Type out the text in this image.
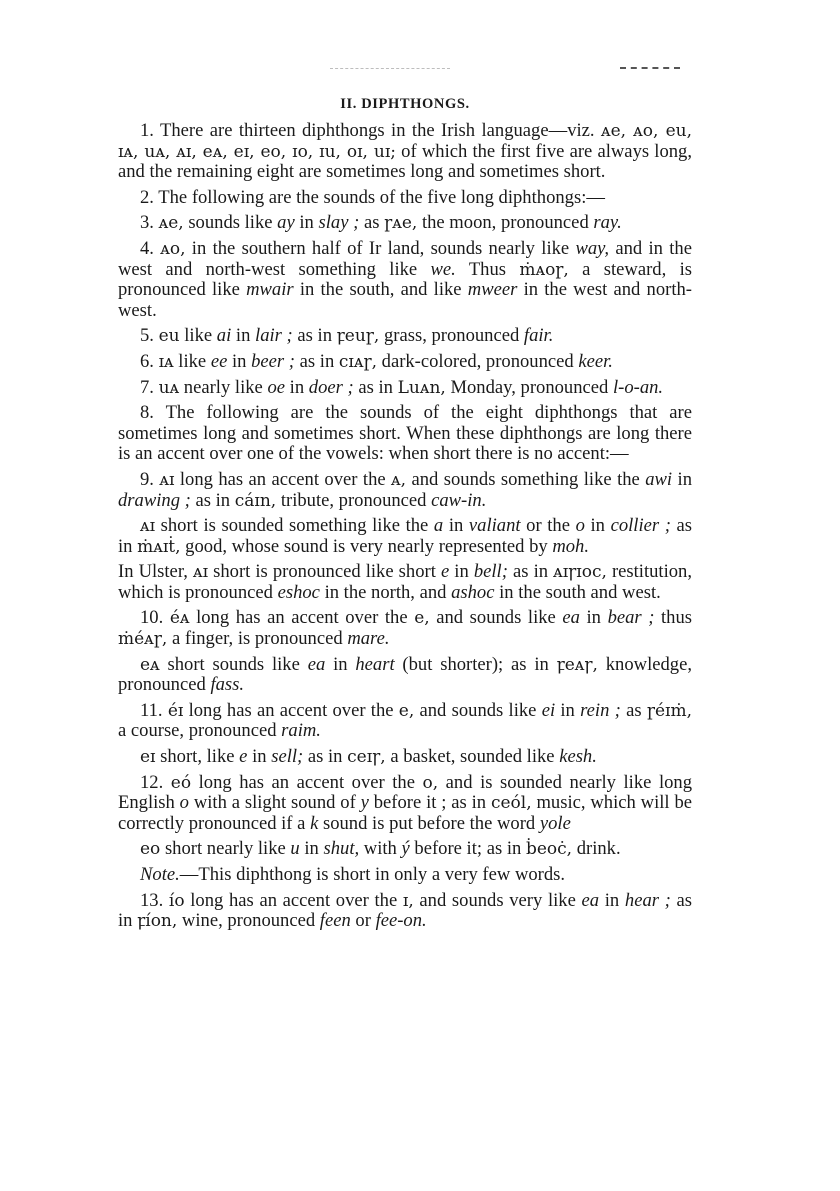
II. DIPHTHONGS.

1. There are thirteen diphthongs in the Irish language—viz. ᴀe, ᴀo, eu, ɪᴀ, uᴀ, ᴀɪ, eᴀ, eɪ, eo, ɪo, ɪu, oɪ, uɪ; of which the first five are always long, and the remaining eight are sometimes long and sometimes short.

2. The following are the sounds of the five long diphthongs:—

3. ᴀe, sounds like ay in slay ; as ɼᴀe, the moon, pronounced ray.

4. ᴀo, in the southern half of Ir land, sounds nearly like way, and in the west and north-west something like we. Thus ṁᴀoɼ, a steward, is pronounced like mwair in the south, and like mweer in the west and north-west.

5. eu like ai in lair ; as in ꝼeuɼ, grass, pronounced fair.

6. ɪᴀ like ee in beer ; as in cɪᴀɼ, dark-colored, pronounced keer.

7. uᴀ nearly like oe in doer ; as in Luᴀn, Monday, pronounced l-o-an.

8. The following are the sounds of the eight diphthongs that are sometimes long and sometimes short. When these diphthongs are long there is an accent over one of the vowels: when short there is no accent:—

9. ᴀɪ long has an accent over the ᴀ, and sounds something like the awi in drawing ; as in cáɪn, tribute, pronounced caw-in.

ᴀɪ short is sounded something like the a in valiant or the o in collier ; as in ṁᴀɪṫ, good, whose sound is very nearly represented by moh.

In Ulster, ᴀɪ short is pronounced like short e in bell; as in ᴀɪꞅɪoc, restitution, which is pronounced eshoc in the north, and ashoc in the south and west.

10. éᴀ long has an accent over the e, and sounds like ea in bear ; thus ṁéᴀɼ, a finger, is pronounced mare.

eᴀ short sounds like ea in heart (but shorter); as in ꝼeᴀꞅ, knowledge, pronounced fass.

11. éɪ long has an accent over the e, and sounds like ei in rein ; as ɼéɪṁ, a course, pronounced raim.

eɪ short, like e in sell; as in ceɪꞅ, a basket, sounded like kesh.

12. eó long has an accent over the o, and is sounded nearly like long English o with a slight sound of y before it ; as in ceól, music, which will be correctly pronounced if a k sound is put before the word yole

eo short nearly like u in shut, with ý before it; as in ḃeoċ, drink.

Note.—This diphthong is short in only a very few words.

13. ío long has an accent over the ɪ, and sounds very like ea in hear ; as in ꝼíon, wine, pronounced feen or fee-on.
